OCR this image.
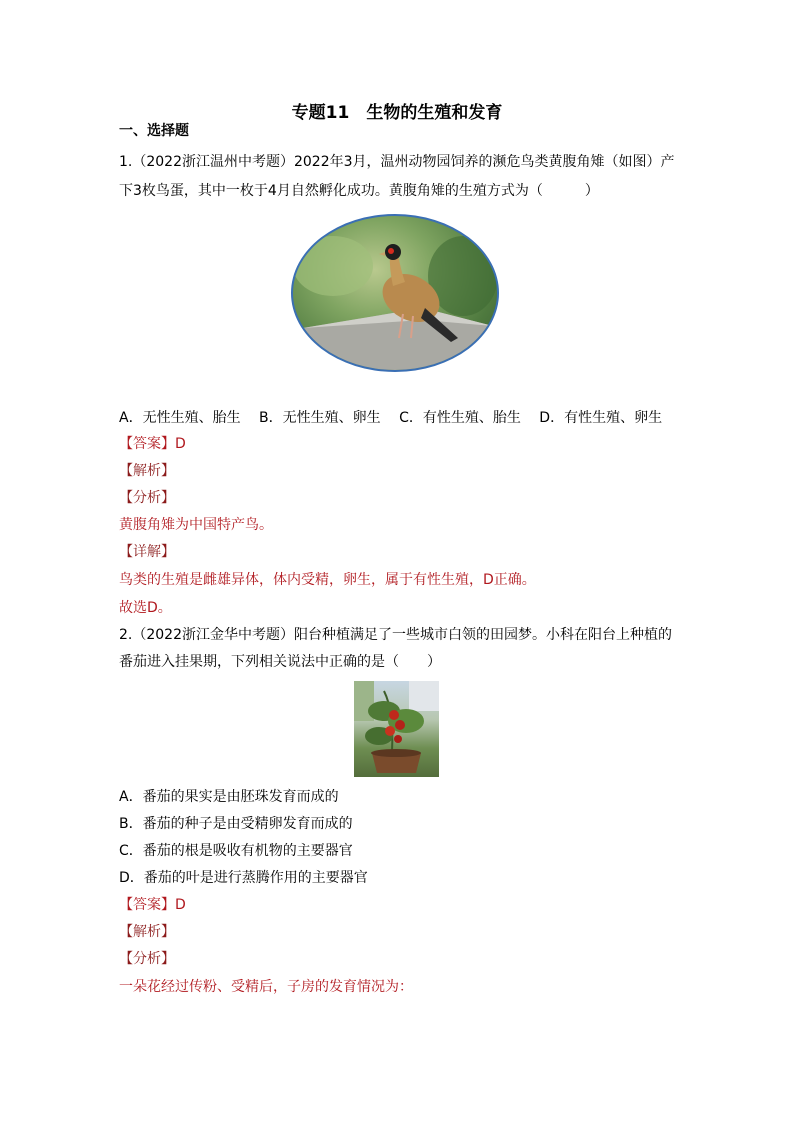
专题11　生物的生殖和发育
一、选择题
1.（2022浙江温州中考题）2022年3月，温州动物园饲养的濒危鸟类黄腹角雉（如图）产
下3枚鸟蛋，其中一枚于4月自然孵化成功。黄腹角雉的生殖方式为（　　　）
A．无性生殖、胎生　 B．无性生殖、卵生　 C．有性生殖、胎生　 D．有性生殖、卵生
【答案】D
【解析】
【分析】
黄腹角雉为中国特产鸟。
【详解】
鸟类的生殖是雌雄异体，体内受精，卵生，属于有性生殖，D正确。
故选D。
2.（2022浙江金华中考题）阳台种植满足了一些城市白领的田园梦。小科在阳台上种植的
番茄进入挂果期，下列相关说法中正确的是（　　）
A．番茄的果实是由胚珠发育而成的
B．番茄的种子是由受精卵发育而成的
C．番茄的根是吸收有机物的主要器官
D．番茄的叶是进行蒸腾作用的主要器官
【答案】D
【解析】
【分析】
一朵花经过传粉、受精后，子房的发育情况为：
